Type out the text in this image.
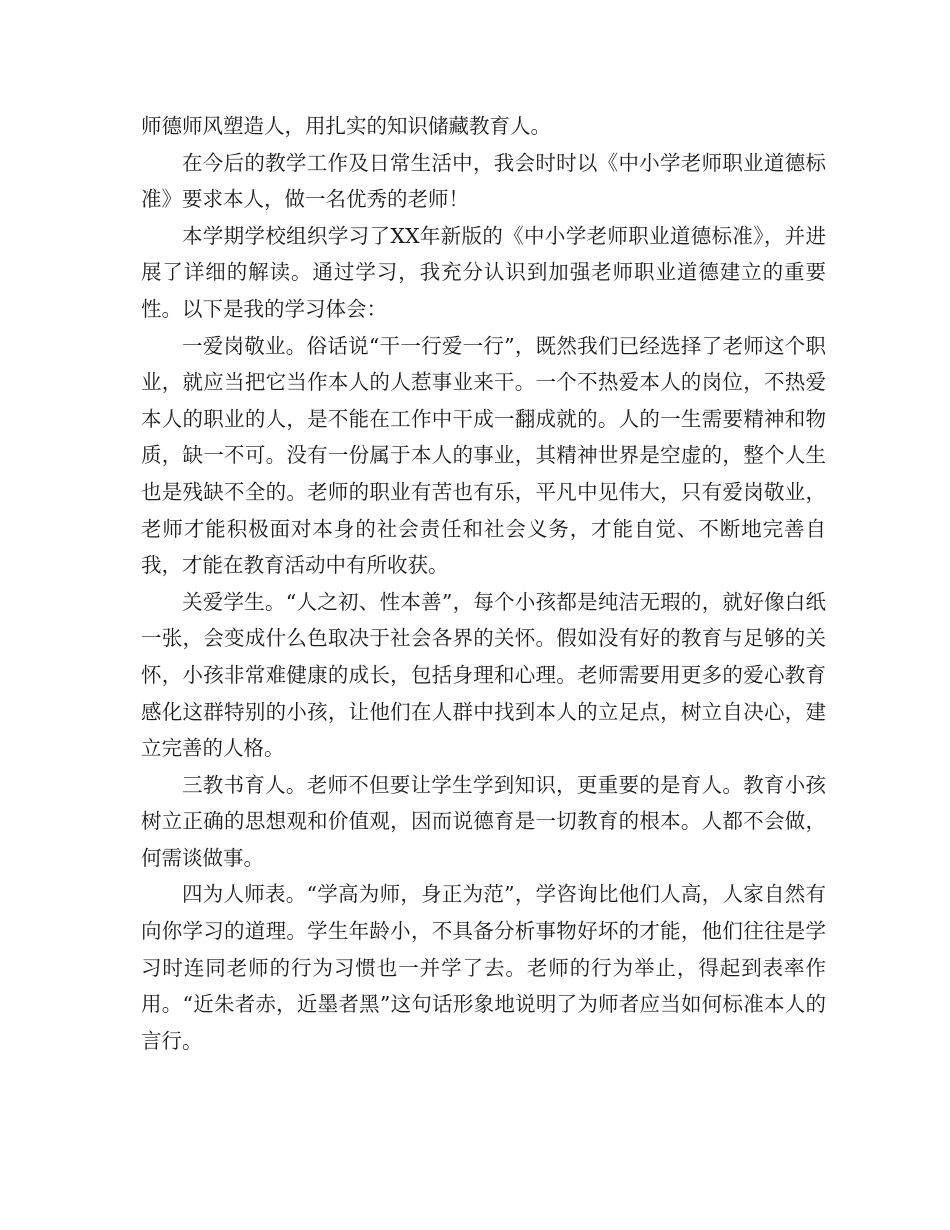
师德师风塑造人，用扎实的知识储藏教育人。

在今后的教学工作及日常生活中，我会时时以《中小学老师职业道德标准》要求本人，做一名优秀的老师！

本学期学校组织学习了XX年新版的《中小学老师职业道德标准》，并进展了详细的解读。通过学习，我充分认识到加强老师职业道德建立的重要性。以下是我的学习体会：

一爱岗敬业。俗话说“干一行爱一行”，既然我们已经选择了老师这个职业，就应当把它当作本人的人惹事业来干。一个不热爱本人的岗位，不热爱本人的职业的人，是不能在工作中干成一翻成就的。人的一生需要精神和物质，缺一不可。没有一份属于本人的事业，其精神世界是空虚的，整个人生也是残缺不全的。老师的职业有苦也有乐，平凡中见伟大，只有爱岗敬业，老师才能积极面对本身的社会责任和社会义务，才能自觉、不断地完善自我，才能在教育活动中有所收获。

关爱学生。“人之初、性本善”，每个小孩都是纯洁无瑕的，就好像白纸一张，会变成什么色取决于社会各界的关怀。假如没有好的教育与足够的关怀，小孩非常难健康的成长，包括身理和心理。老师需要用更多的爱心教育感化这群特别的小孩，让他们在人群中找到本人的立足点，树立自决心，建立完善的人格。

三教书育人。老师不但要让学生学到知识，更重要的是育人。教育小孩树立正确的思想观和价值观，因而说德育是一切教育的根本。人都不会做，何需谈做事。

四为人师表。“学高为师，身正为范”，学咨询比他们人高，人家自然有向你学习的道理。学生年龄小，不具备分析事物好坏的才能，他们往往是学习时连同老师的行为习惯也一并学了去。老师的行为举止，得起到表率作用。“近朱者赤，近墨者黑”这句话形象地说明了为师者应当如何标准本人的言行。
